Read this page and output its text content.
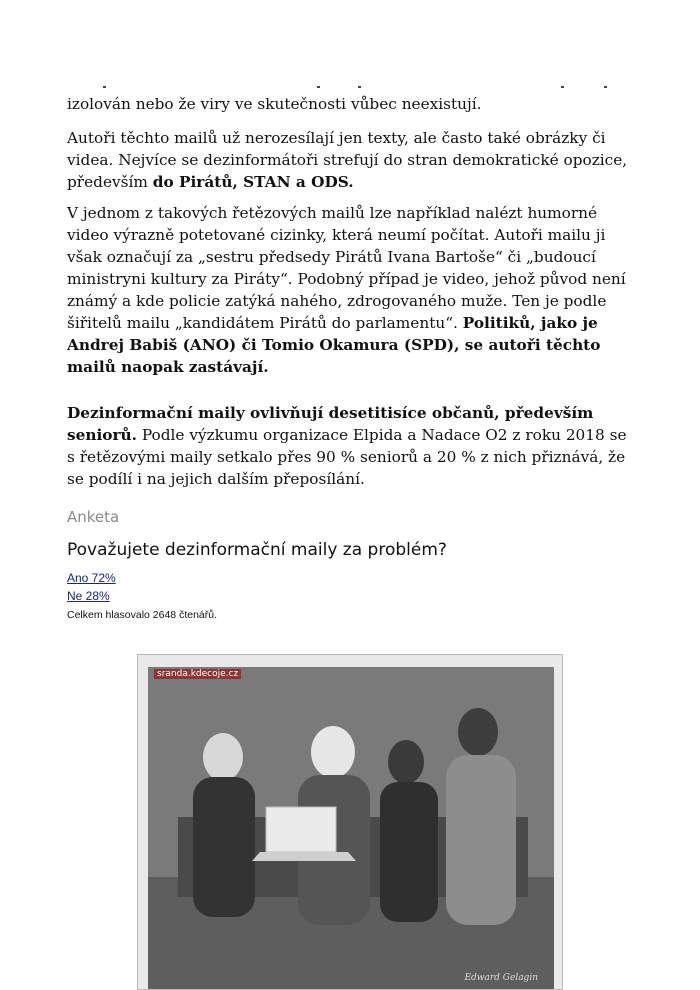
izolován nebo že viry ve skutečnosti vůbec neexistují.

Autoři těchto mailů už nerozesílají jen texty, ale často také obrázky či videa. Nejvíce se dezinformátoři strefují do stran demokratické opozice, především do Pirátů, STAN a ODS.

V jednom z takových řetězových mailů lze například nalézt humorné video výrazně potetované cizinky, která neumí počítat. Autoři mailu ji však označují za „sestru předsedy Pirátů Ivana Bartoše“ či „budoucí ministryni kultury za Piráty“. Podobný případ je video, jehož původ není známý a kde policie zatýká nahého, zdrogovaného muže. Ten je podle šiřitelů mailu „kandidátem Pirátů do parlamentu“. Politiků, jako je Andrej Babiš (ANO) či Tomio Okamura (SPD), se autoři těchto mailů naopak zastávají.

Dezinformační maily ovlivňují desetitisíce občanů, především seniorů. Podle výzkumu organizace Elpida a Nadace O2 z roku 2018 se s řetězovými maily setkalo přes 90 % seniorů a 20 % z nich přiznává, že se podílí i na jejich dalším přeposílání.

Anketa
Považujete dezinformační maily za problém?
Ano 72%
Ne 28%
Celkem hlasovalo 2648 čtenářů.
sranda.kdecoje.cz
Edward Gelagin
